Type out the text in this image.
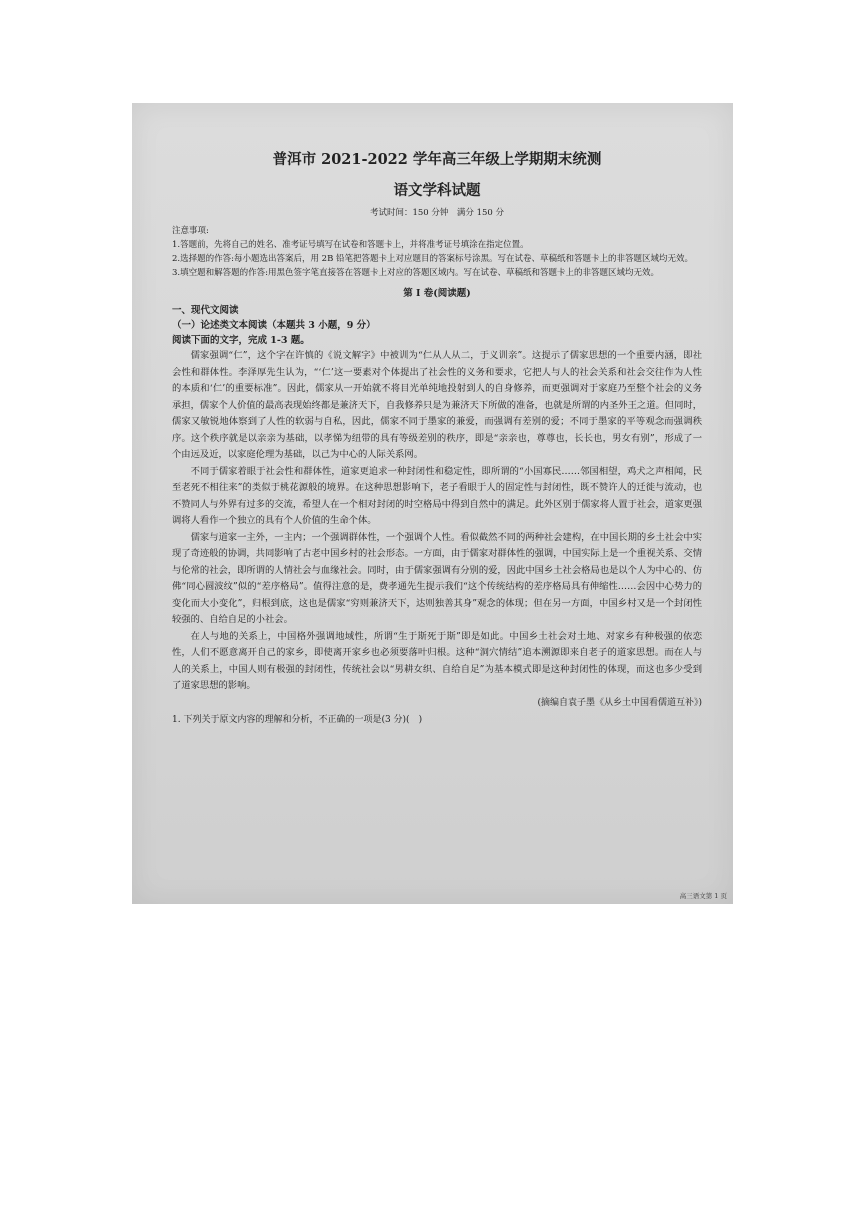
普洱市 2021-2022 学年高三年级上学期期末统测

语文学科试题

考试时间：150 分钟　满分 150 分

注意事项:

1.答题前，先将自己的姓名、准考证号填写在试卷和答题卡上，并将准考证号填涂在指定位置。

2.选择题的作答:每小题选出答案后，用 2B 铅笔把答题卡上对应题目的答案标号涂黑。写在试卷、草稿纸和答题卡上的非答题区域均无效。

3.填空题和解答题的作答:用黑色签字笔直接答在答题卡上对应的答题区域内。写在试卷、草稿纸和答题卡上的非答题区域均无效。

第 I 卷(阅读题)
一、现代文阅读
（一）论述类文本阅读（本题共 3 小题，9 分）
阅读下面的文字，完成 1-3 题。

儒家强调“仁”，这个字在许慎的《说文解字》中被训为“仁从人从二，于义训亲”。这提示了儒家思想的一个重要内涵，即社会性和群体性。李泽厚先生认为，“‘仁’这一要素对个体提出了社会性的义务和要求，它把人与人的社会关系和社会交往作为人性的本质和‘仁’的重要标准”。因此，儒家从一开始就不将目光单纯地投射到人的自身修养，而更强调对于家庭乃至整个社会的义务承担，儒家个人价值的最高表现始终都是兼济天下，自我修养只是为兼济天下所做的准备，也就是所谓的内圣外王之道。但同时，儒家又敏锐地体察到了人性的软弱与自私，因此，儒家不同于墨家的兼爱，而强调有差别的爱；不同于墨家的平等观念而强调秩序。这个秩序就是以亲亲为基础，以孝悌为纽带的具有等级差别的秩序，即是“亲亲也，尊尊也，长长也，男女有别”，形成了一个由远及近，以家庭伦理为基础，以己为中心的人际关系网。

不同于儒家着眼于社会性和群体性，道家更追求一种封闭性和稳定性，即所谓的“小国寡民……邻国相望，鸡犬之声相闻，民至老死不相往来”的类似于桃花源般的境界。在这种思想影响下，老子看眼于人的固定性与封闭性，既不赞许人的迁徙与流动，也不赞同人与外界有过多的交流，希望人在一个相对封闭的时空格局中得到自然中的满足。此外区别于儒家将人置于社会，道家更强调将人看作一个独立的具有个人价值的生命个体。

儒家与道家一主外，一主内；一个强调群体性，一个强调个人性。看似截然不同的两种社会建构，在中国长期的乡土社会中实现了奇迹般的协调，共同影响了古老中国乡村的社会形态。一方面，由于儒家对群体性的强调，中国实际上是一个重视关系、交情与伦常的社会，即所谓的人情社会与血缘社会。同时，由于儒家强调有分别的爱，因此中国乡土社会格局也是以个人为中心的、仿佛“同心圆波纹”似的“差序格局”。值得注意的是，费孝通先生提示我们“这个传统结构的差序格局具有伸缩性……会因中心势力的变化而大小变化”，归根到底，这也是儒家“穷则兼济天下，达则独善其身”观念的体现；但在另一方面，中国乡村又是一个封闭性较强的、自给自足的小社会。

在人与地的关系上，中国格外强调地域性，所谓“生于斯死于斯”即是如此。中国乡土社会对土地、对家乡有种极强的依恋性，人们不愿意离开自己的家乡，即使离开家乡也必须要落叶归根。这种“洞穴情结”追本溯源即来自老子的道家思想。而在人与人的关系上，中国人则有极强的封闭性，传统社会以“男耕女织、自给自足”为基本模式即是这种封闭性的体现，而这也多少受到了道家思想的影响。

(摘编自袁子墨《从乡土中国看儒道互补》)
1. 下列关于原文内容的理解和分析，不正确的一项是(3 分)(　)
高三语文第 1 页
